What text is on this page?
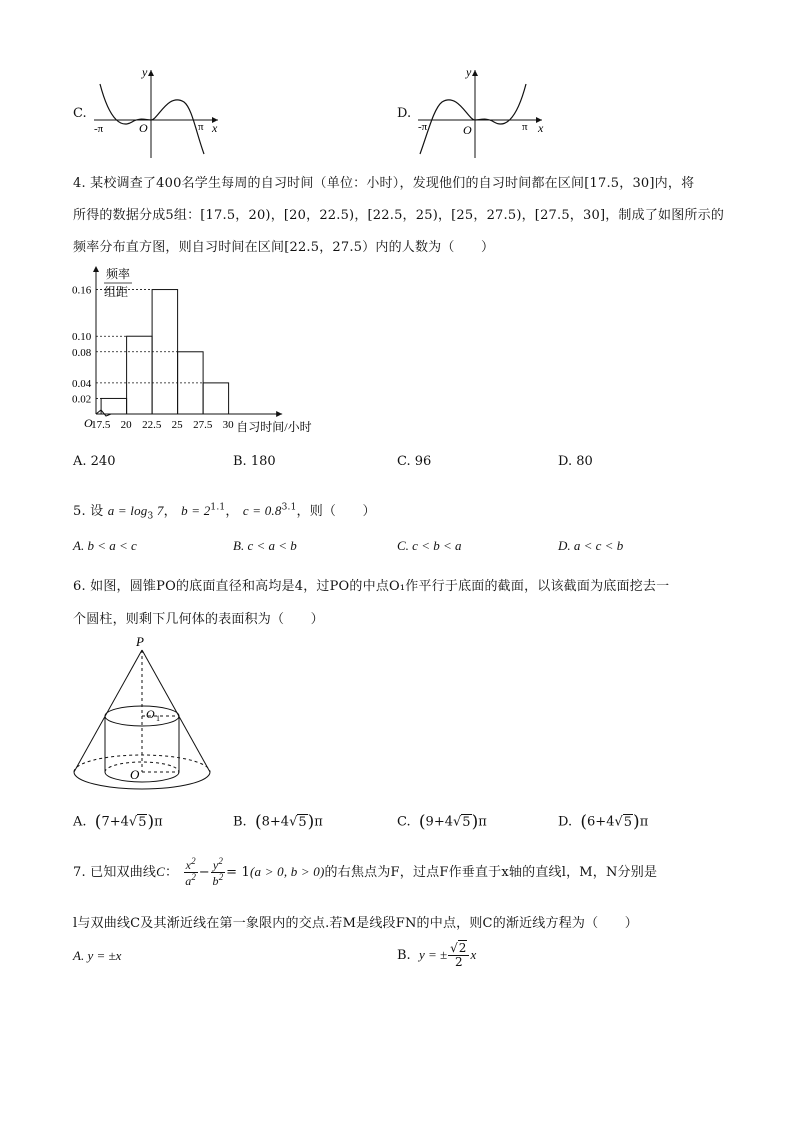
C.
y
x
-π	O	π
D.
y
x
-π	O	π
4. 某校调查了400名学生每周的自习时间（单位：小时），发现他们的自习时间都在区间[17.5，30]内，将
所得的数据分成5组：[17.5，20)，[20，22.5)，[22.5，25)，[25，27.5)，[27.5，30]，制成了如图所示的
频率分布直方图，则自习时间在区间[22.5，27.5）内的人数为（　　）
0.16
0.10
0.08
0.04
0.02
17.5 20 22.5 25 27.5 30
O	自习时间/小时
频率
组距
A. 240	B. 180	C. 96	D. 80
5. 设 $a = \log_3 7$， $b = 2^{1.1}$， $c = 0.8^{3.1}$，则（　　）
A. b < a < c	B. c < a < b	C. c < b < a	D. a < c < b
6. 如图，圆锥PO的底面直径和高均是4，过PO的中点O₁作平行于底面的截面，以该截面为底面挖去一
个圆柱，则剩下几何体的表面积为（　　）
P
O 1
O
A. (7+4√5)π	B. (8+4√5)π	C. (9+4√5)π	D. (6+4√5)π
7. 已知双曲线C： $\frac{x^2}{a^2} - \frac{y^2}{b^2} = 1(a > 0$, b > 0)的右焦点为F，过点F作垂直于x轴的直线l，M，N分别是
l与双曲线C及其渐近线在第一象限内的交点.若M是线段FN的中点，则C的渐近线方程为（　　）
A. y = ±x	B. y = ± $\frac{√2}{2}$ x
